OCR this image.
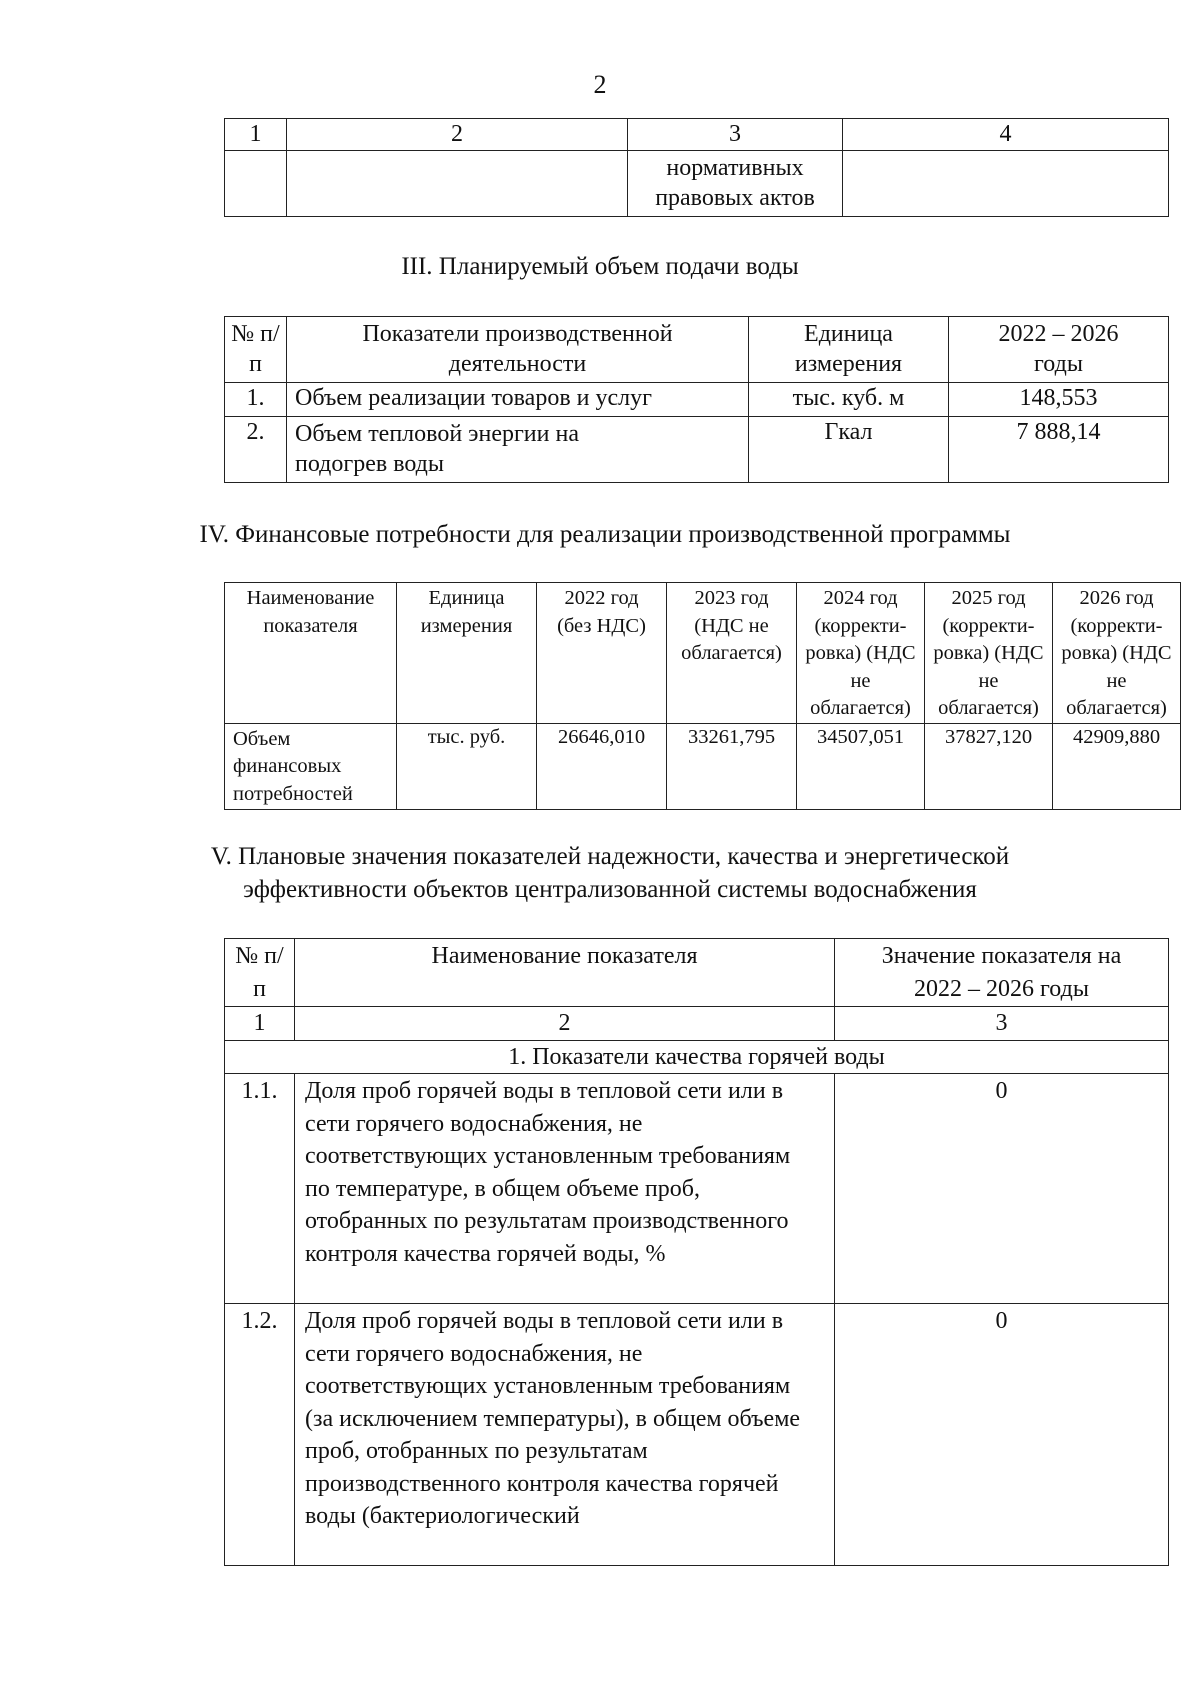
2
1	2	3	4
		нормативных правовых актов	
III. Планируемый объем подачи воды
№ п/п	Показатели производственной деятельности	Единица измерения	2022 – 2026 годы
1.	Объем реализации товаров и услуг	тыс. куб. м	148,553
2.	Объем тепловой энергии на подогрев воды	Гкал	7 888,14
IV. Финансовые потребности для реализации производственной программы
Наименование показателя	Единица измерения	2022 год (без НДС)	2023 год (НДС не облагается)	2024 год (корректи-ровка) (НДС не облагается)	2025 год (корректи-ровка) (НДС не облагается)	2026 год (корректи-ровка) (НДС не облагается)
Объем финансовых потребностей	тыс. руб.	26646,010	33261,795	34507,051	37827,120	42909,880
V. Плановые значения показателей надежности, качества и энергетической
эффективности объектов централизованной системы водоснабжения
№ п/п	Наименование показателя	Значение показателя на 2022 – 2026 годы
1	2	3
1. Показатели качества горячей воды		
1.1.	Доля проб горячей воды в тепловой сети или в сети горячего водоснабжения, не соответствующих установленным требованиям по температуре, в общем объеме проб, отобранных по результатам производственного контроля качества горячей воды, %	0
1.2.	Доля проб горячей воды в тепловой сети или в сети горячего водоснабжения, не соответствующих установленным требованиям (за исключением температуры), в общем объеме проб, отобранных по результатам производственного контроля качества горячей воды (бактериологический	0
